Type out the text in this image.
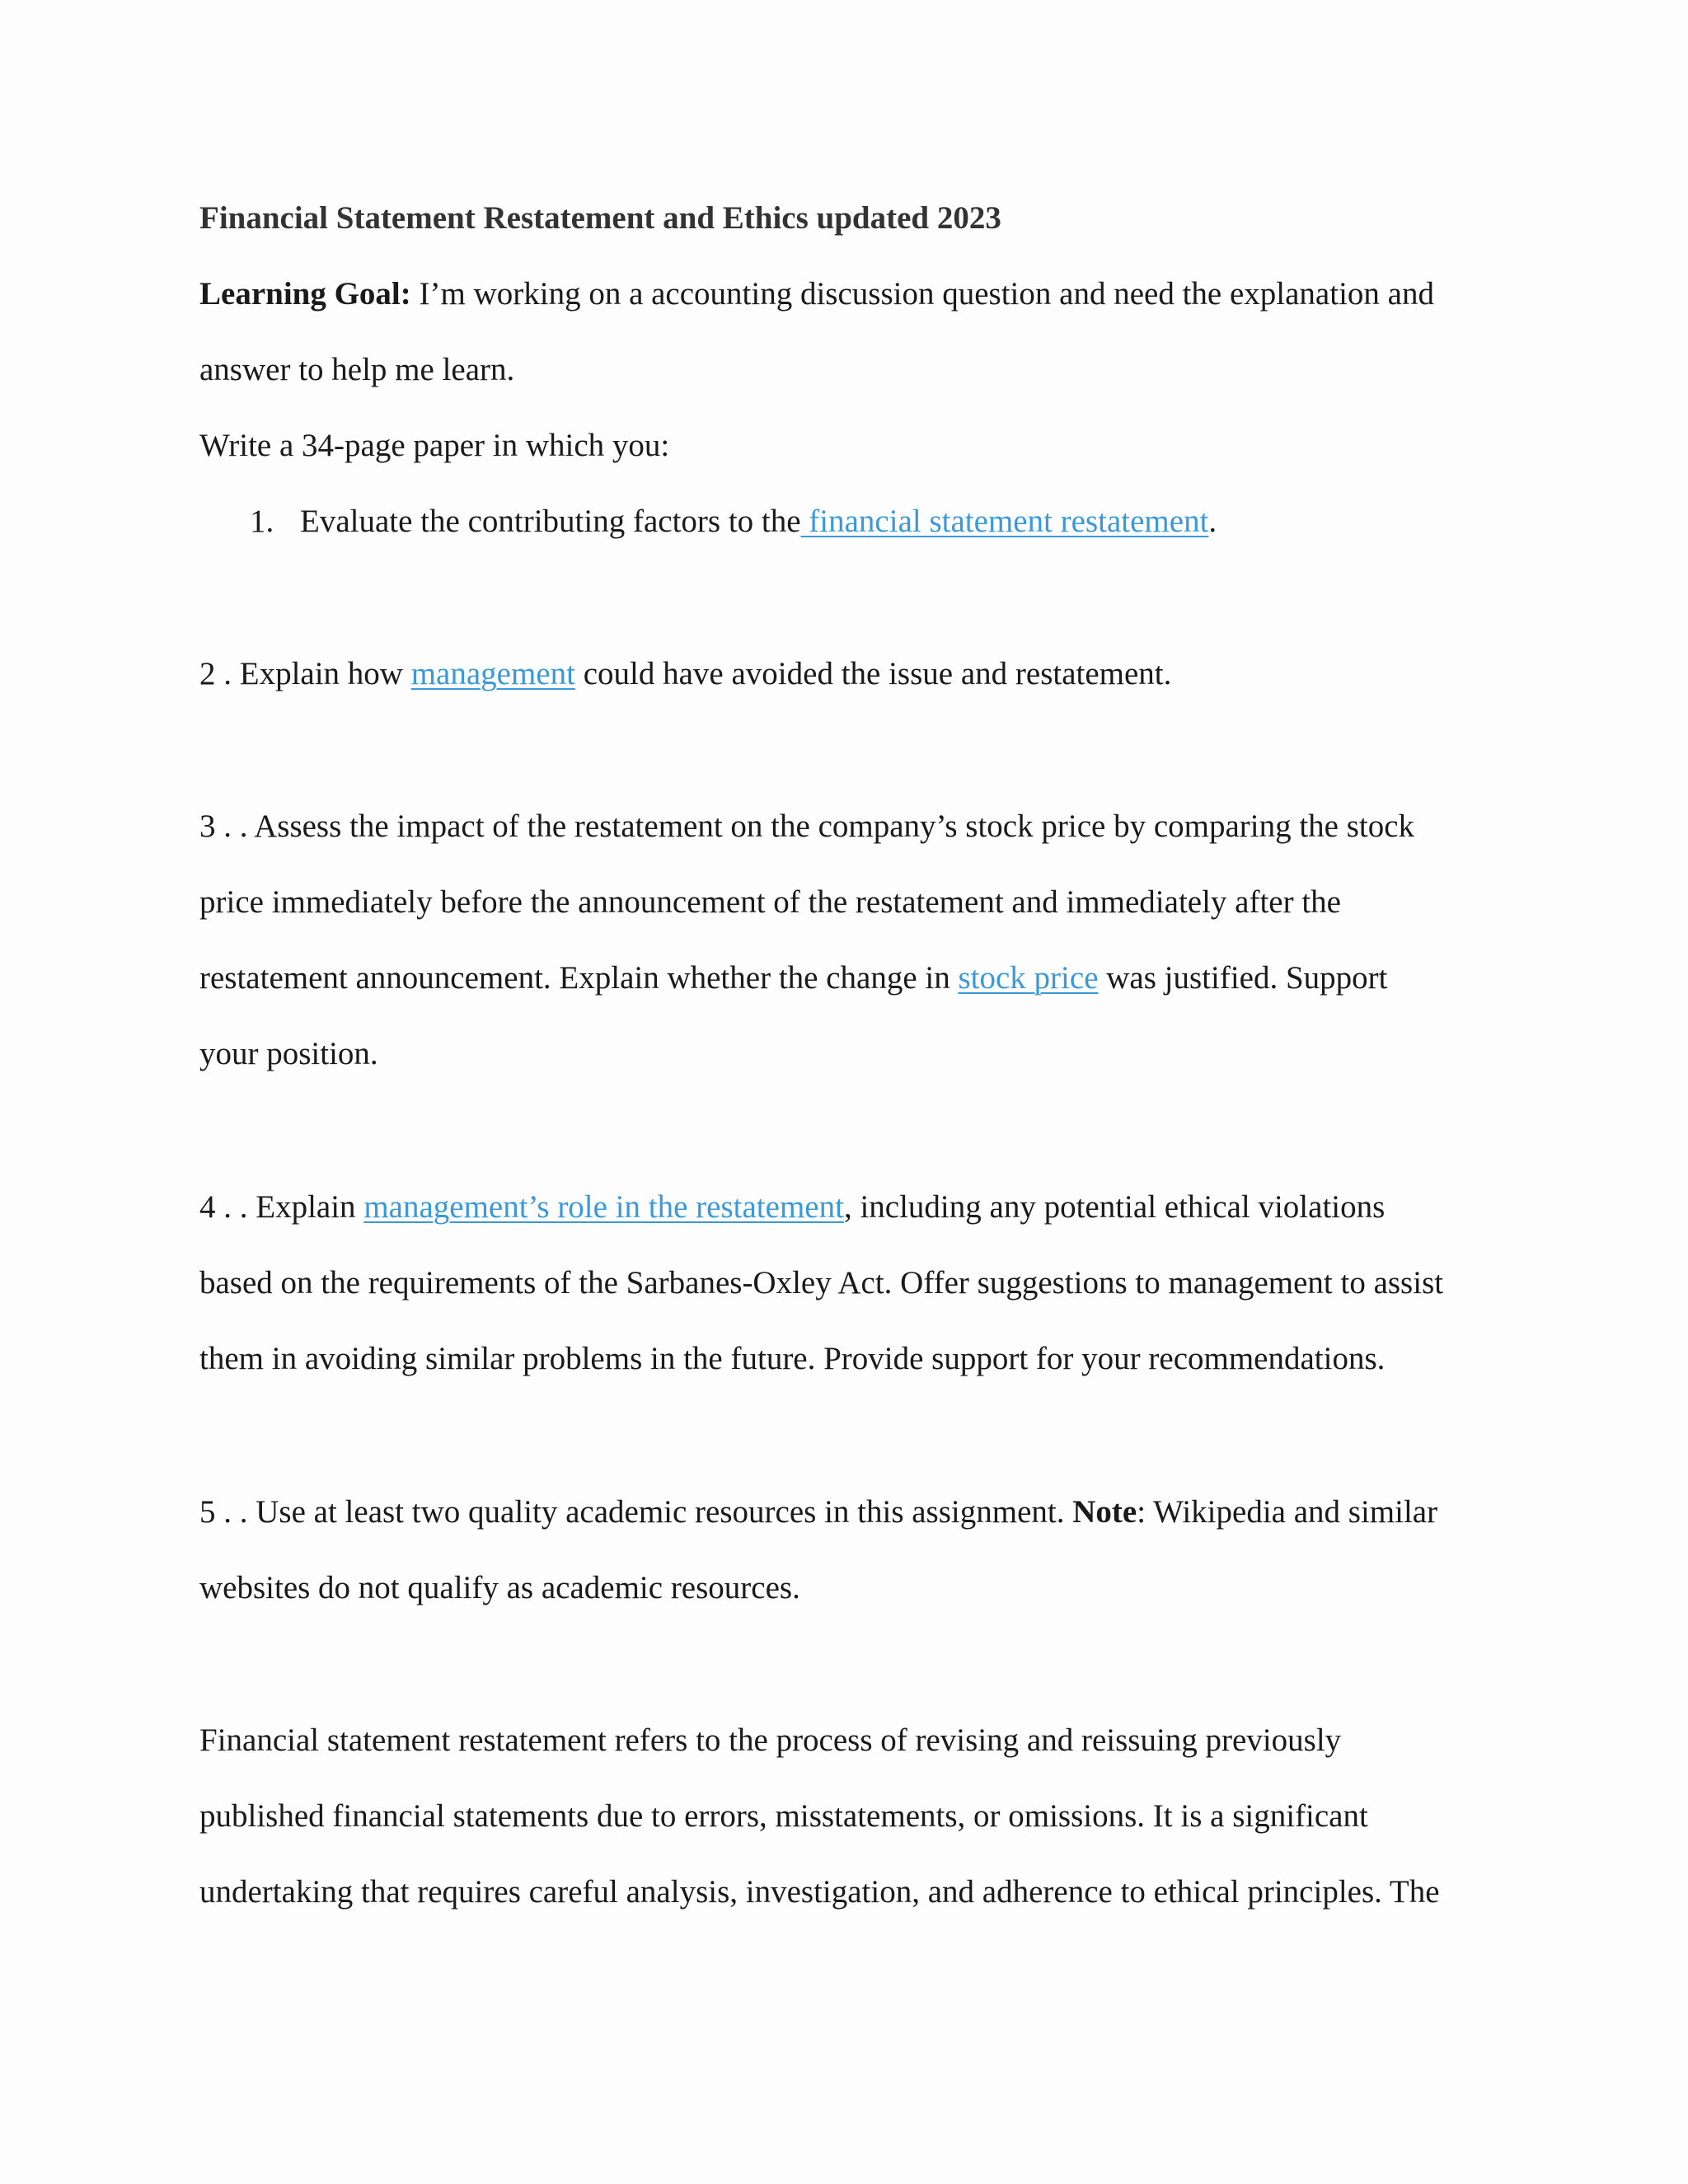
Financial Statement Restatement and Ethics updated 2023
Learning Goal: I’m working on a accounting discussion question and need the explanation and
answer to help me learn.
Write a 34-page paper in which you:
1. Evaluate the contributing factors to the financial statement restatement.
2 . Explain how management could have avoided the issue and restatement.
3 . . Assess the impact of the restatement on the company’s stock price by comparing the stock
price immediately before the announcement of the restatement and immediately after the
restatement announcement. Explain whether the change in stock price was justified. Support
your position.
4 . . Explain management’s role in the restatement, including any potential ethical violations
based on the requirements of the Sarbanes-Oxley Act. Offer suggestions to management to assist
them in avoiding similar problems in the future. Provide support for your recommendations.
5 . . Use at least two quality academic resources in this assignment. Note: Wikipedia and similar
websites do not qualify as academic resources.
Financial statement restatement refers to the process of revising and reissuing previously
published financial statements due to errors, misstatements, or omissions. It is a significant
undertaking that requires careful analysis, investigation, and adherence to ethical principles. The
